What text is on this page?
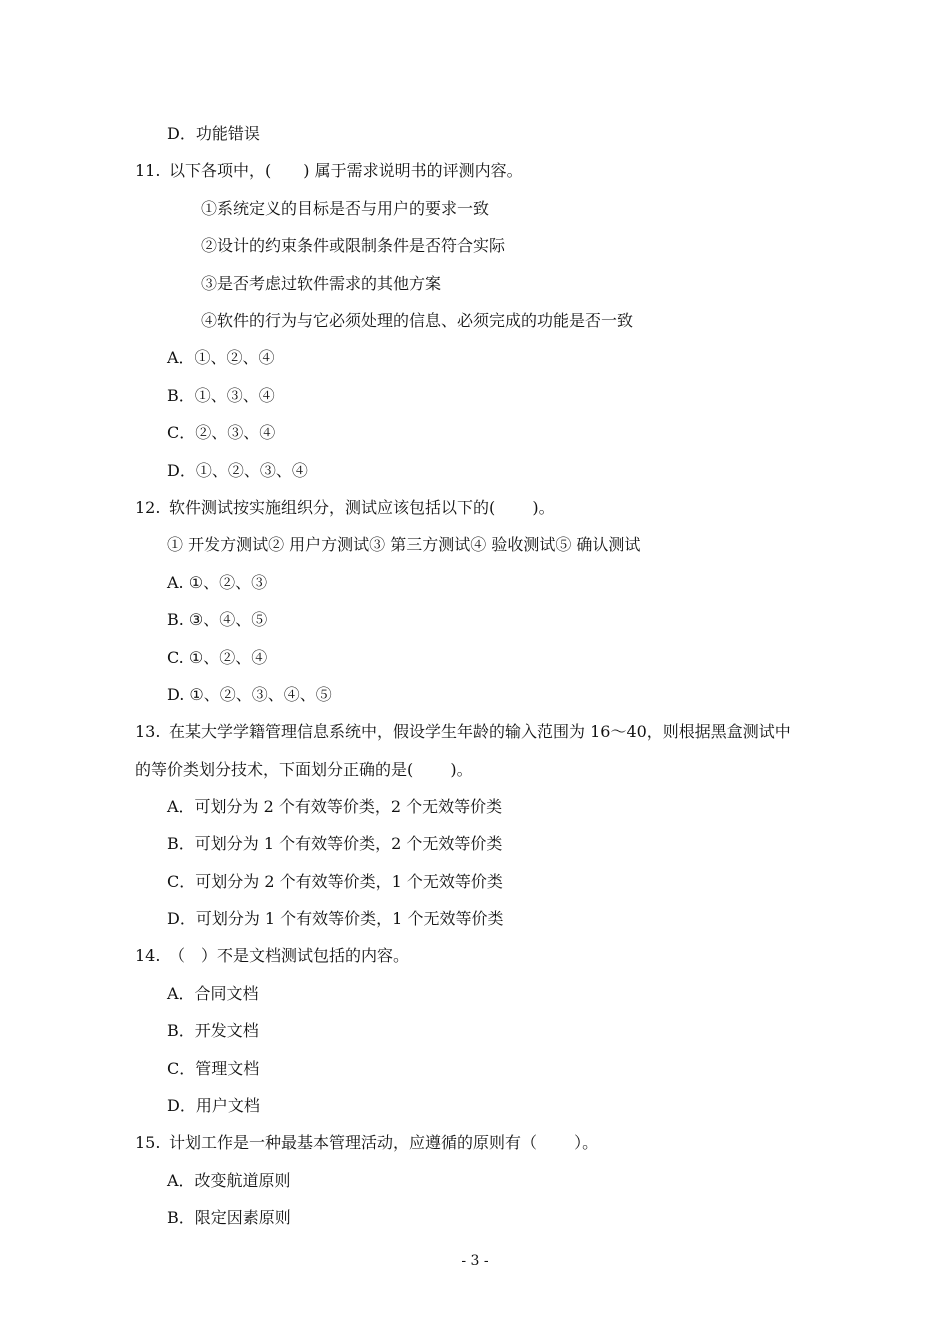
D．功能错误
11. 以下各项中，(　　) 属于需求说明书的评测内容。
①系统定义的目标是否与用户的要求一致
②设计的约束条件或限制条件是否符合实际
③是否考虑过软件需求的其他方案
④软件的行为与它必须处理的信息、必须完成的功能是否一致
A．①、②、④
B．①、③、④
C．②、③、④
D．①、②、③、④
12. 软件测试按实施组织分，测试应该包括以下的(　　 )。
① 开发方测试② 用户方测试③ 第三方测试④ 验收测试⑤ 确认测试
A. ①、②、③
B. ③、④、⑤
C. ①、②、④
D. ①、②、③、④、⑤
13. 在某大学学籍管理信息系统中，假设学生年龄的输入范围为 16～40，则根据黑盒测试中
的等价类划分技术，下面划分正确的是(　　 )。
A．可划分为 2 个有效等价类，2 个无效等价类
B．可划分为 1 个有效等价类，2 个无效等价类
C．可划分为 2 个有效等价类，1 个无效等价类
D．可划分为 1 个有效等价类，1 个无效等价类
14. （　）不是文档测试包括的内容。
A．合同文档
B．开发文档
C．管理文档
D．用户文档
15. 计划工作是一种最基本管理活动，应遵循的原则有（　　 ）。
A．改变航道原则
B．限定因素原则
- 3 -
